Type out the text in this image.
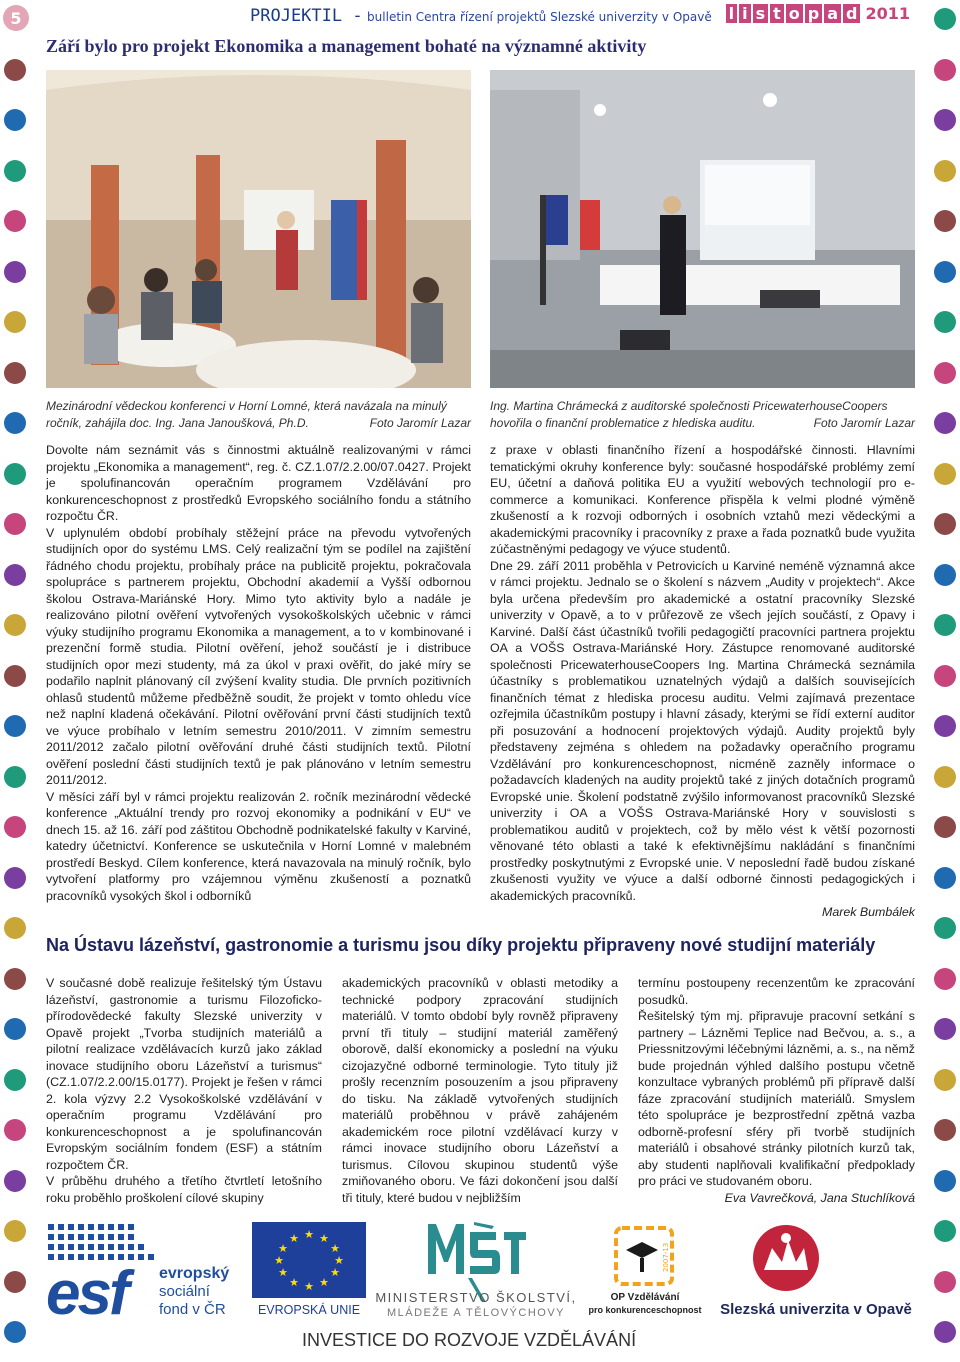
5	PROJEKTIL - bulletin Centra řízení projektů Slezské univerzity v Opavě l i s t o p a d 2011
Září bylo pro projekt Ekonomika a management bohaté na významné aktivity
Mezinárodní vědeckou konferenci v Horní Lomné, která navázala na minulý ročník, zahájila doc. Ing. Jana Janoušková, Ph.D.	Foto Jaromír Lazar
Ing. Martina Chrámecká z auditorské společnosti PricewaterhouseCoopers hovořila o finanční problematice z hlediska auditu.	Foto Jaromír Lazar

Dovolte nám seznámit vás s činnostmi aktuálně realizovanými v rámci projektu „Ekonomika a management“, reg. č. CZ.1.07/2.2.00/07.0427. Projekt je spolufinancován operačním programem Vzdělávání pro konkurenceschopnost z prostředků Evropského sociálního fondu a státního rozpočtu ČR.

V uplynulém období probíhaly stěžejní práce na převodu vytvořených studijních opor do systému LMS. Celý realizační tým se podílel na zajištění řádného chodu projektu, probíhaly práce na publicitě projektu, pokračovala spolupráce s partnerem projektu, Obchodní akademií a Vyšší odbornou školou Ostrava-Mariánské Hory. Mimo tyto aktivity bylo a nadále je realizováno pilotní ověření vytvořených vysokoškolských učebnic v rámci výuky studijního programu Ekonomika a management, a to v kombinované i prezenční formě studia. Pilotní ověření, jehož součástí je i distribuce studijních opor mezi studenty, má za úkol v praxi ověřit, do jaké míry se podařilo naplnit plánovaný cíl zvýšení kvality studia. Dle prvních pozitivních ohlasů studentů můžeme předběžně soudit, že projekt v tomto ohledu více než naplní kladená očekávání. Pilotní ověřování první části studijních textů ve výuce probíhalo v letním semestru 2010/2011. V zimním semestru 2011/2012 začalo pilotní ověřování druhé části studijních textů. Pilotní ověření poslední části studijních textů je pak plánováno v letním semestru 2011/2012.

V měsíci září byl v rámci projektu realizován 2. ročník mezinárodní vědecké konference „Aktuální trendy pro rozvoj ekonomiky a podnikání v EU“ ve dnech 15. až 16. září pod záštitou Obchodně podnikatelské fakulty v Karviné, katedry účetnictví. Konference se uskutečnila v Horní Lomné v malebném prostředí Beskyd. Cílem konference, která navazovala na minulý ročník, bylo vytvoření platformy pro vzájemnou výměnu zkušeností a poznatků pracovníků vysokých škol i odborníků

z praxe v oblasti finančního řízení a hospodářské činnosti. Hlavními tematickými okruhy konference byly: současné hospodářské problémy zemí EU, účetní a daňová politika EU a využití webových technologií pro e-commerce a komunikaci. Konference přispěla k velmi plodné výměně zkušeností a k rozvoji odborných i osobních vztahů mezi vědeckými a akademickými pracovníky i pracovníky z praxe a řada poznatků bude využita zúčastněnými pedagogy ve výuce studentů.

Dne 29. září 2011 proběhla v Petrovicích u Karviné neméně významná akce v rámci projektu. Jednalo se o školení s názvem „Audity v projektech“. Akce byla určena především pro akademické a ostatní pracovníky Slezské univerzity v Opavě, a to v průřezově ze všech jejích součástí, z Opavy i Karviné. Další část účastníků tvořili pedagogičtí pracovníci partnera projektu OA a VOŠS Ostrava-Mariánské Hory. Zástupce renomované auditorské společnosti PricewaterhouseCoopers Ing. Martina Chrámecká seznámila účastníky s problematikou uznatelných výdajů a dalších souvisejících finančních témat z hlediska procesu auditu. Velmi zajímavá prezentace ozřejmila účastníkům postupy i hlavní zásady, kterými se řídí externí auditor při posuzování a hodnocení projektových výdajů. Audity projektů byly představeny zejména s ohledem na požadavky operačního programu Vzdělávání pro konkurenceschopnost, nicméně zazněly informace o požadavcích kladených na audity projektů také z jiných dotačních programů Evropské unie. Školení podstatně zvýšilo informovanost pracovníků Slezské univerzity i OA a VOŠS Ostrava-Mariánské Hory v souvislosti s problematikou auditů v projektech, což by mělo vést k větší pozornosti věnované této oblasti a také k efektivnějšímu nakládání s finančními prostředky poskytnutými z Evropské unie. V neposlední řadě budou získané zkušenosti využity ve výuce a další odborné činnosti pedagogických i akademických pracovníků.

Marek Bumbálek

Na Ústavu lázeňství, gastronomie a turismu jsou díky projektu připraveny nové studijní materiály

V současné době realizuje řešitelský tým Ústavu lázeňství, gastronomie a turismu Filozoficko-přírodovědecké fakulty Slezské univerzity v Opavě projekt „Tvorba studijních materiálů a pilotní realizace vzdělávacích kurzů jako základ inovace studijního oboru Lázeňství a turismus“ (CZ.1.07/2.2.00/15.0177). Projekt je řešen v rámci 2. kola výzvy 2.2 Vysokoškolské vzdělávání v operačním programu Vzdělávání pro konkurenceschopnost a je spolufinancován Evropským sociálním fondem (ESF) a státním rozpočtem ČR.

V průběhu druhého a třetího čtvrtletí letošního roku proběhlo proškolení cílové skupiny

akademických pracovníků v oblasti metodiky a technické podpory zpracování studijních materiálů. V tomto období byly rovněž připraveny první tři tituly – studijní materiál zaměřený oborově, další ekonomicky a poslední na výuku cizojazyčné odborné terminologie. Tyto tituly již prošly recenzním posouzením a jsou připraveny do tisku. Na základě vytvořených studijních materiálů proběhnou v právě zahájeném akademickém roce pilotní vzdělávací kurzy v rámci inovace studijního oboru Lázeňství a turismus. Cílovou skupinou studentů výše zmiňovaného oboru. Ve fázi dokončení jsou další tři tituly, které budou v nejbližším

termínu postoupeny recenzentům ke zpracování posudků.

Řešitelský tým mj. připravuje pracovní setkání s partnery – Lázněmi Teplice nad Bečvou, a. s., a Priessnitzovými léčebnými lázněmi, a. s., na němž bude projednán výhled dalšího postupu včetně konzultace vybraných problémů při přípravě další fáze zpracování studijních materiálů. Smyslem této spolupráce je bezprostřední zpětná vazba odborně-profesní sféry při tvorbě studijních materiálů i obsahové stránky pilotních kurzů tak, aby studenti naplňovali kvalifikační předpoklady pro práci ve studovaném oboru.

Eva Vavrečková, Jana Stuchlíková

esf	evropský
sociální
fond v ČR
★ ★
★
★
★
★
★
★
★
★
★
★
EVROPSKÁ UNIE
MINISTERSTVO ŠKOLSTVÍ,
MLÁDEŽE A TĚLOVÝCHOVY
2007-13
OP Vzdělávání
pro konkurenceschopnost Slezská univerzita v Opavě
INVESTICE DO ROZVOJE VZDĚLÁVÁNÍ
